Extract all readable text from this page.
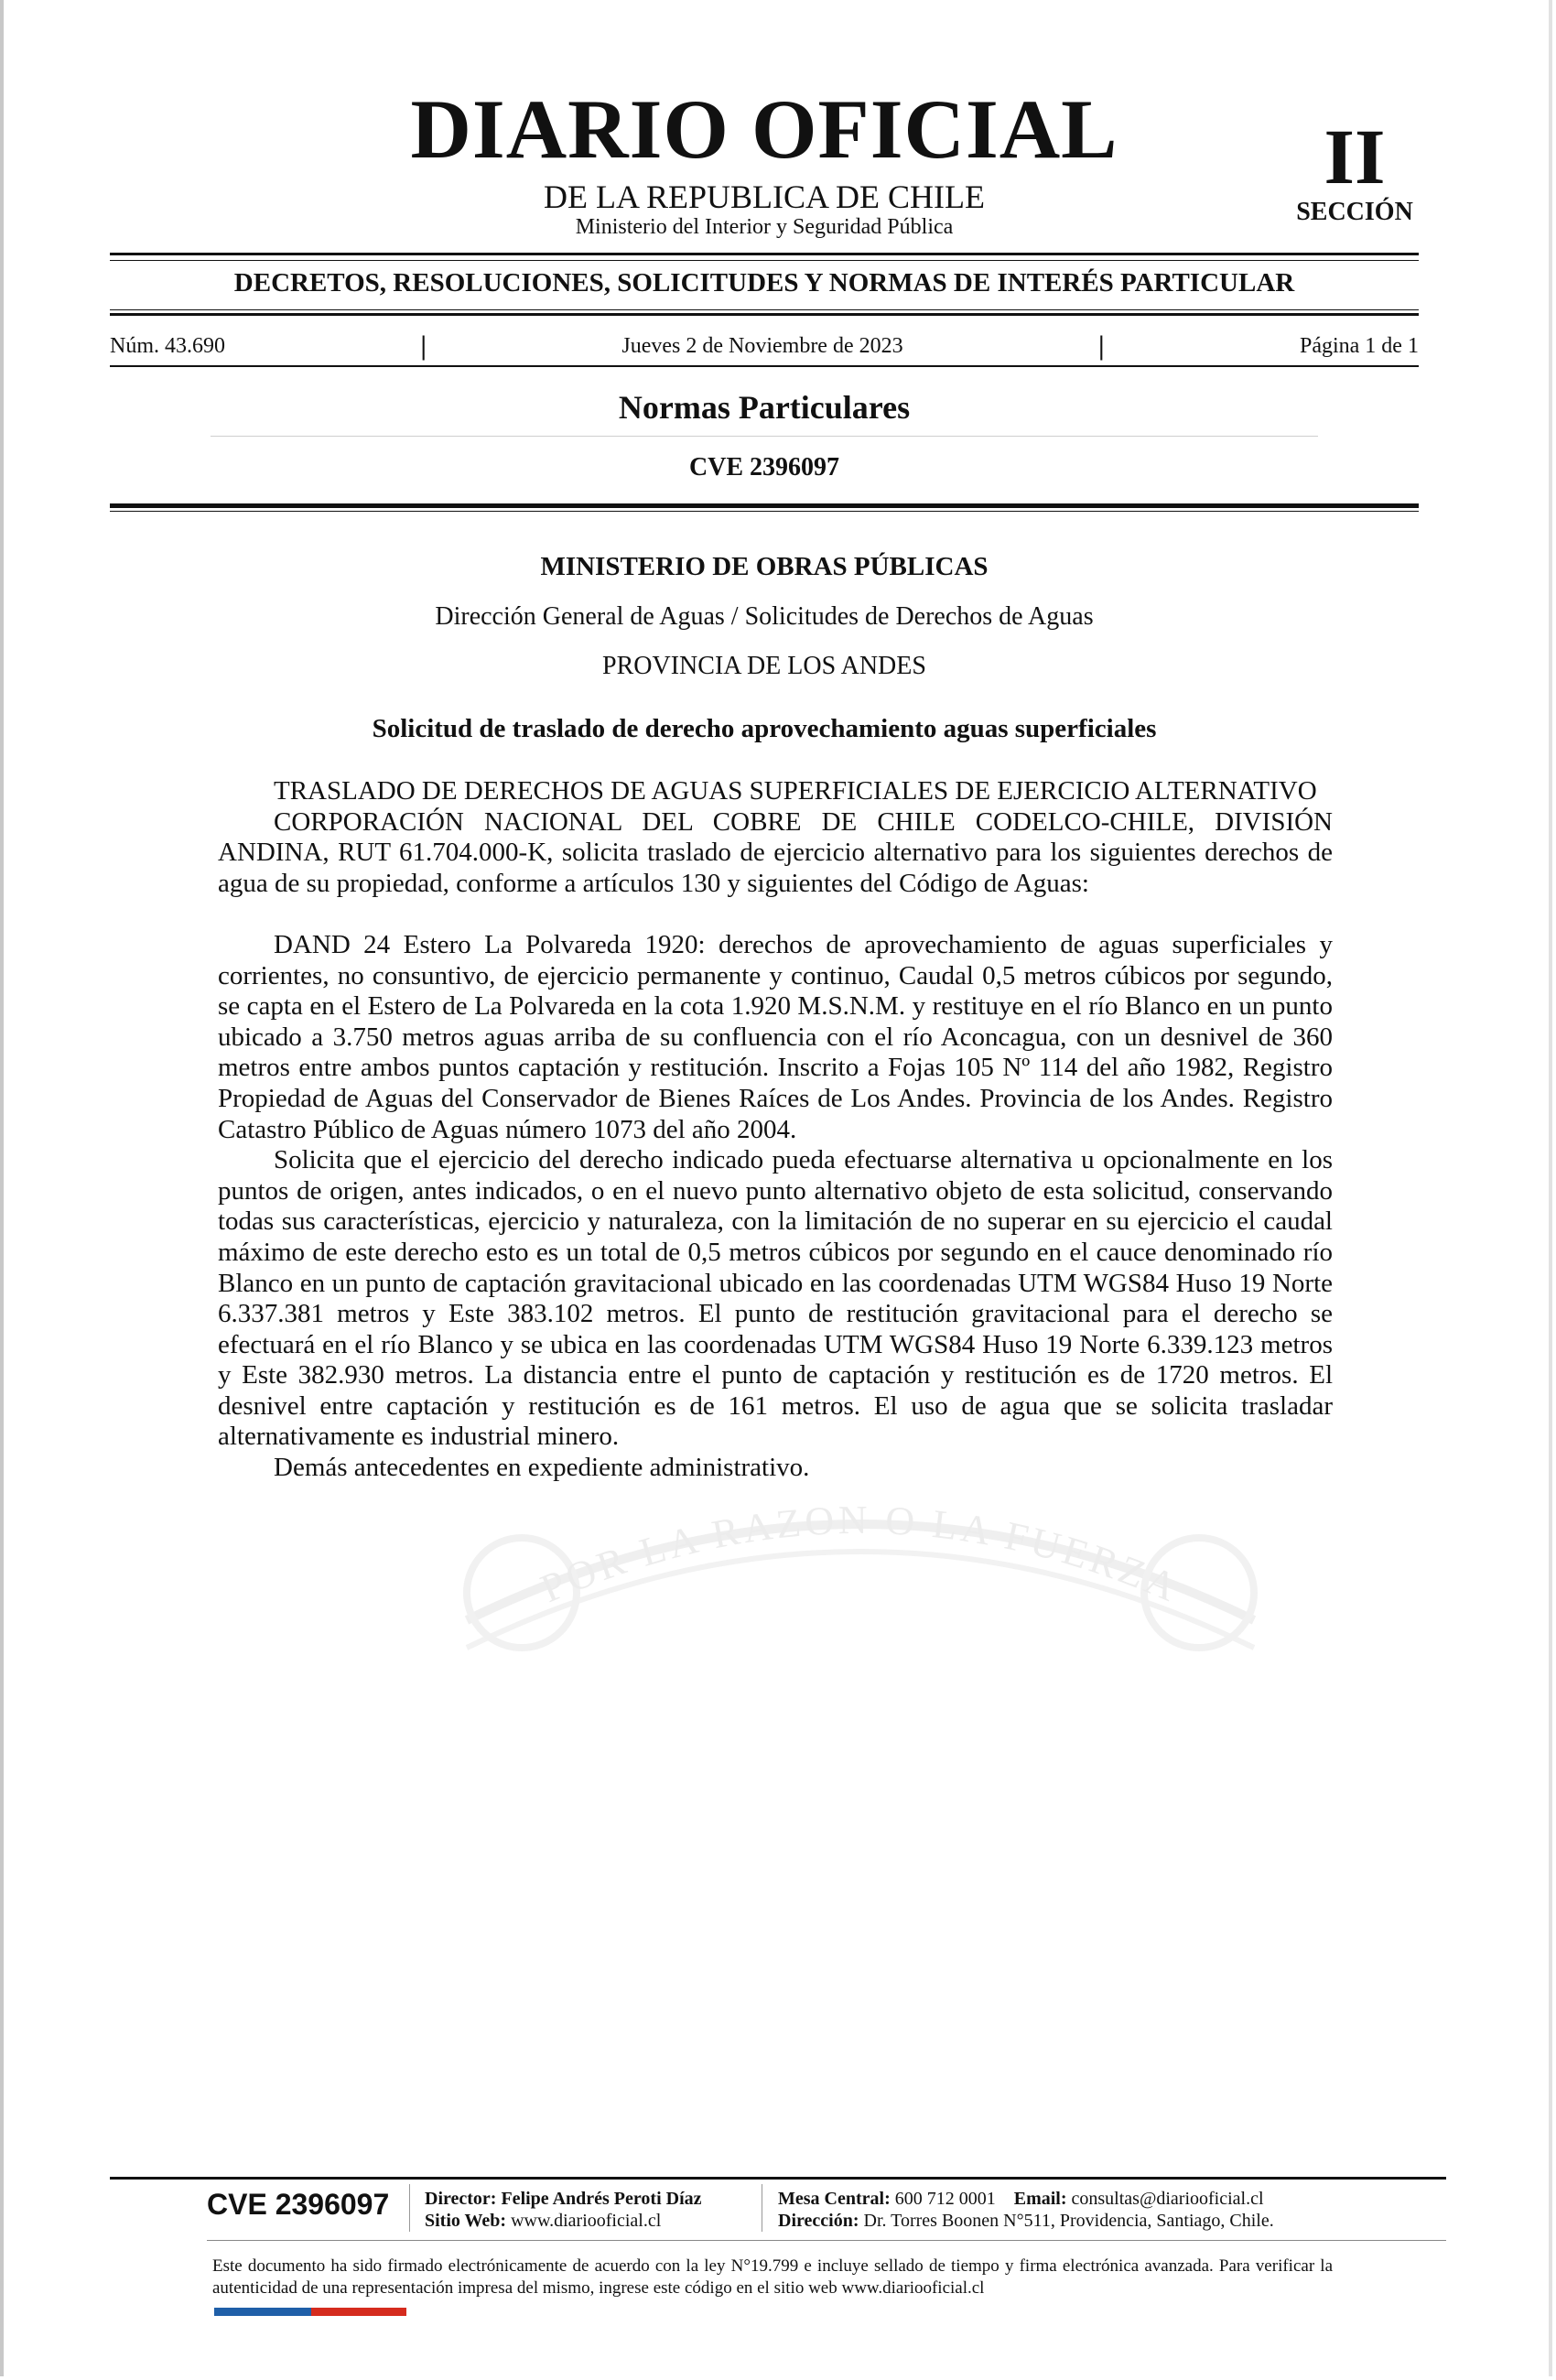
DIARIO OFICIAL
DE LA REPUBLICA DE CHILE
Ministerio del Interior y Seguridad Pública
II
SECCIÓN
DECRETOS, RESOLUCIONES, SOLICITUDES Y NORMAS DE INTERÉS PARTICULAR
Núm. 43.690	|	Jueves 2 de Noviembre de 2023	|	Página 1 de 1
Normas Particulares
CVE 2396097
MINISTERIO DE OBRAS PÚBLICAS
Dirección General de Aguas / Solicitudes de Derechos de Aguas
PROVINCIA DE LOS ANDES
Solicitud de traslado de derecho aprovechamiento aguas superficiales
POR LA RAZON O LA FUERZA

TRASLADO DE DERECHOS DE AGUAS SUPERFICIALES DE EJERCICIO ALTERNATIVO

CORPORACIÓN NACIONAL DEL COBRE DE CHILE CODELCO-CHILE, DIVISIÓN ANDINA, RUT 61.704.000-K, solicita traslado de ejercicio alternativo para los siguientes derechos de agua de su propiedad, conforme a artículos 130 y siguientes del Código de Aguas:

DAND 24 Estero La Polvareda 1920: derechos de aprovechamiento de aguas superficiales y corrientes, no consuntivo, de ejercicio permanente y continuo, Caudal 0,5 metros cúbicos por segundo, se capta en el Estero de La Polvareda en la cota 1.920 M.S.N.M. y restituye en el río Blanco en un punto ubicado a 3.750 metros aguas arriba de su confluencia con el río Aconcagua, con un desnivel de 360 metros entre ambos puntos captación y restitución. Inscrito a Fojas 105 Nº 114 del año 1982, Registro Propiedad de Aguas del Conservador de Bienes Raíces de Los Andes. Provincia de los Andes. Registro Catastro Público de Aguas número 1073 del año 2004.

Solicita que el ejercicio del derecho indicado pueda efectuarse alternativa u opcionalmente en los puntos de origen, antes indicados, o en el nuevo punto alternativo objeto de esta solicitud, conservando todas sus características, ejercicio y naturaleza, con la limitación de no superar en su ejercicio el caudal máximo de este derecho esto es un total de 0,5 metros cúbicos por segundo en el cauce denominado río Blanco en un punto de captación gravitacional ubicado en las coordenadas UTM WGS84 Huso 19 Norte 6.337.381 metros y Este 383.102 metros. El punto de restitución gravitacional para el derecho se efectuará en el río Blanco y se ubica en las coordenadas UTM WGS84 Huso 19 Norte 6.339.123 metros y Este 382.930 metros. La distancia entre el punto de captación y restitución es de 1720 metros. El desnivel entre captación y restitución es de 161 metros. El uso de agua que se solicita trasladar alternativamente es industrial minero.

Demás antecedentes en expediente administrativo.

CVE 2396097 Director: Felipe Andrés Peroti Díaz
Sitio Web: www.diariooficial.cl
Mesa Central: 600 712 0001 Email: consultas@diariooficial.cl
Dirección: Dr. Torres Boonen N°511, Providencia, Santiago, Chile.
Este documento ha sido firmado electrónicamente de acuerdo con la ley N°19.799 e incluye sellado de tiempo y firma electrónica avanzada. Para verificar la autenticidad de una representación impresa del mismo, ingrese este código en el sitio web www.diariooficial.cl
